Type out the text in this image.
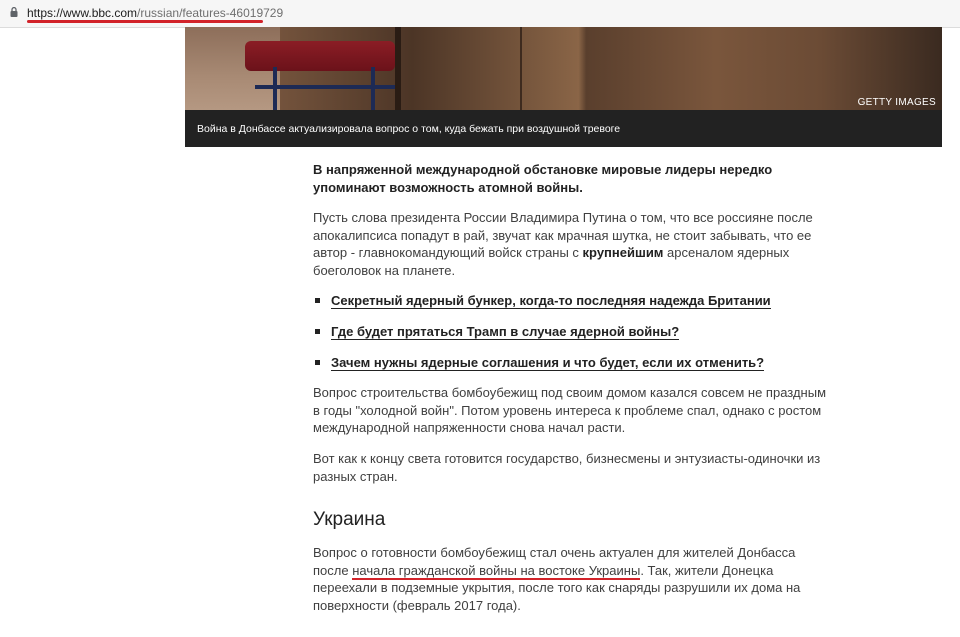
https://www.bbc.com/russian/features-46019729
GETTY IMAGES
Война в Донбассе актуализировала вопрос о том, куда бежать при воздушной тревоге

В напряженной международной обстановке мировые лидеры нередко упоминают возможность атомной войны.

Пусть слова президента России Владимира Путина о том, что все россияне после апокалипсиса попадут в рай, звучат как мрачная шутка, не стоит забывать, что ее автор - главнокомандующий войск страны с крупнейшим арсеналом ядерных боеголовок на планете.

Секретный ядерный бункер, когда-то последняя надежда Британии
Где будет прятаться Трамп в случае ядерной войны?
Зачем нужны ядерные соглашения и что будет, если их отменить?

Вопрос строительства бомбоубежищ под своим домом казался совсем не праздным в годы "холодной войн". Потом уровень интереса к проблеме спал, однако с ростом международной напряженности снова начал расти.

Вот как к концу света готовится государство, бизнесмены и энтузиасты-одиночки из разных стран.

Украина

Вопрос о готовности бомбоубежищ стал очень актуален для жителей Донбасса после начала гражданской войны на востоке Украины. Так, жители Донецка переехали в подземные укрытия, после того как снаряды разрушили их дома на поверхности (февраль 2017 года).
